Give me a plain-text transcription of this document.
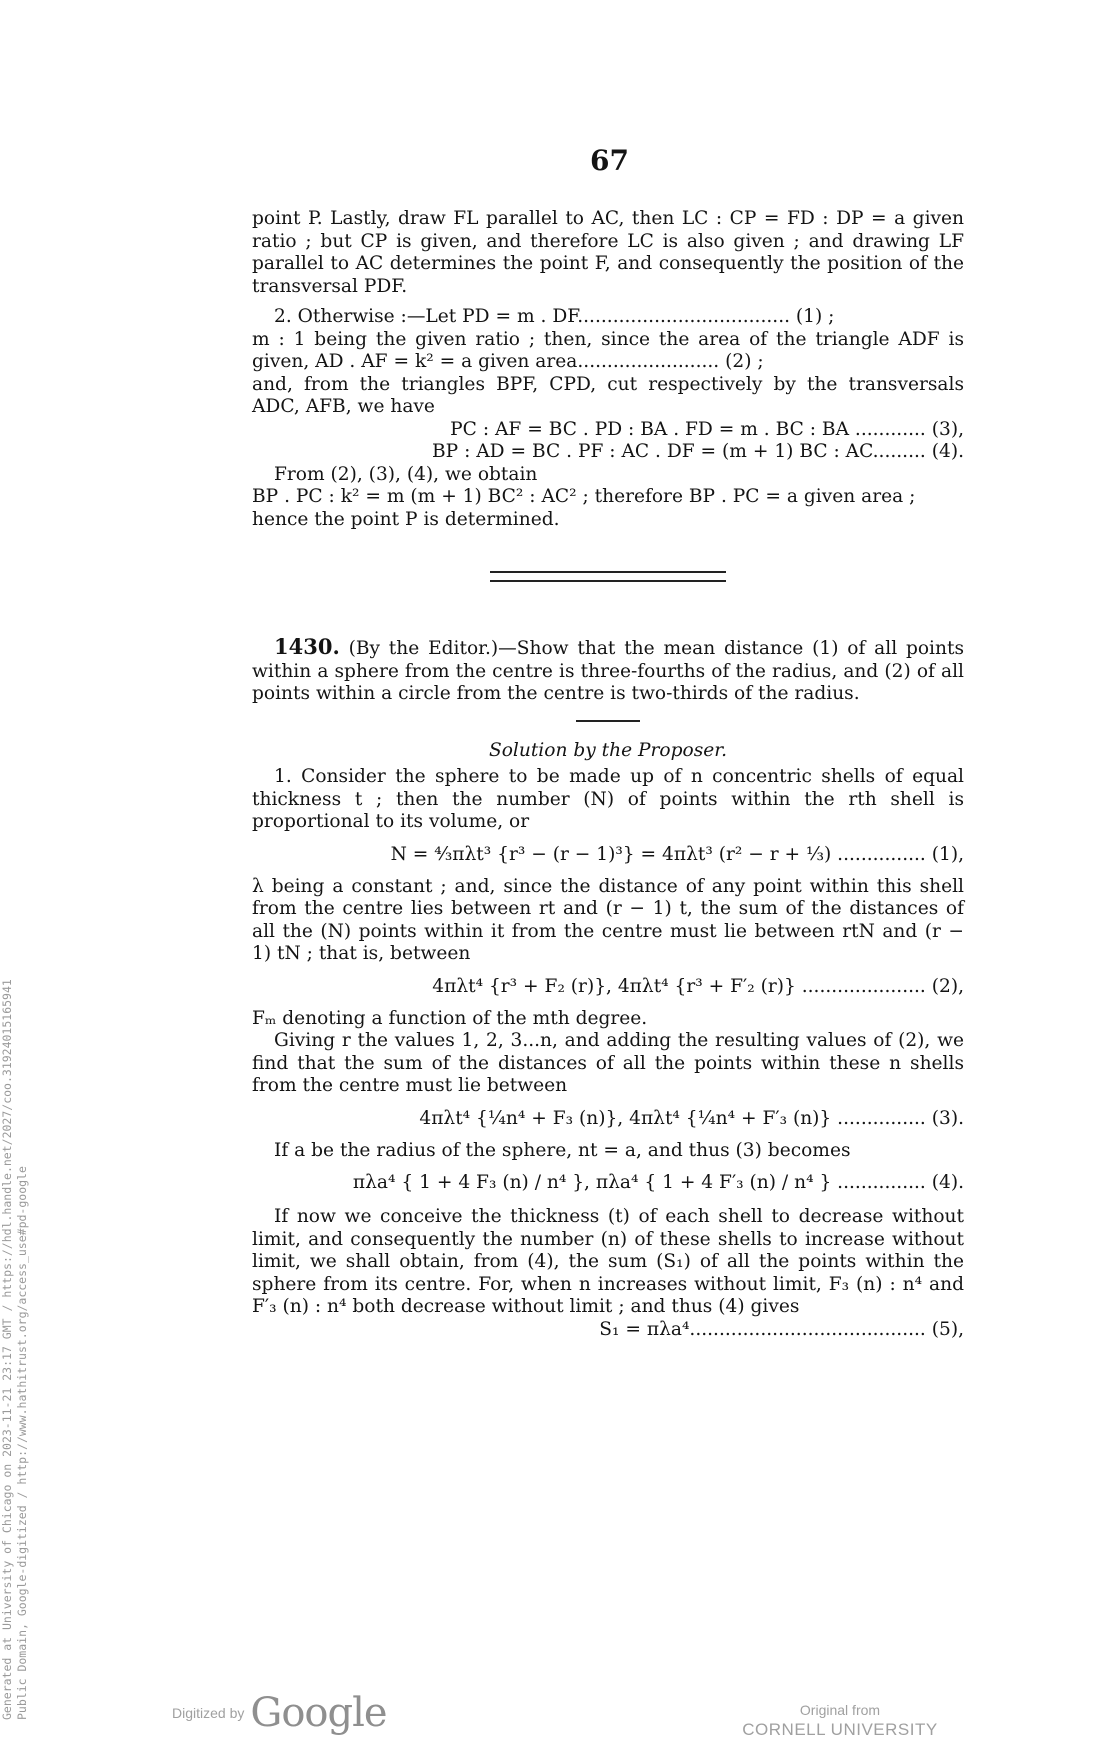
67

point P. Lastly, draw FL parallel to AC, then LC : CP = FD : DP = a given ratio ; but CP is given, and therefore LC is also given ; and drawing LF parallel to AC determines the point F, and consequently the position of the transversal PDF.

2. Otherwise :—Let PD = m . DF.................................... (1) ;

m : 1 being the given ratio ; then, since the area of the triangle ADF is given, AD . AF = k² = a given area........................ (2) ;

and, from the triangles BPF, CPD, cut respectively by the transversals ADC, AFB, we have

PC : AF = BC . PD : BA . FD = m . BC : BA ............ (3),

BP : AD = BC . PF : AC . DF = (m + 1) BC : AC......... (4).

From (2), (3), (4), we obtain

BP . PC : k² = m (m + 1) BC² : AC² ; therefore BP . PC = a given area ;

hence the point P is determined.

1430. (By the Editor.)—Show that the mean distance (1) of all points within a sphere from the centre is three-fourths of the radius, and (2) of all points within a circle from the centre is two-thirds of the radius.

Solution by the Proposer.

1. Consider the sphere to be made up of n concentric shells of equal thickness t ; then the number (N) of points within the rth shell is proportional to its volume, or

N = ⁴⁄₃πλt³ {r³ − (r − 1)³} = 4πλt³ (r² − r + ⅓) ............... (1),

λ being a constant ; and, since the distance of any point within this shell from the centre lies between rt and (r − 1) t, the sum of the distances of all the (N) points within it from the centre must lie between rtN and (r − 1) tN ; that is, between

4πλt⁴ {r³ + F₂ (r)}, 4πλt⁴ {r³ + F′₂ (r)} ..................... (2),

Fₘ denoting a function of the mth degree.

Giving r the values 1, 2, 3...n, and adding the resulting values of (2), we find that the sum of the distances of all the points within these n shells from the centre must lie between

4πλt⁴ {¼n⁴ + F₃ (n)}, 4πλt⁴ {¼n⁴ + F′₃ (n)} ............... (3).

If a be the radius of the sphere, nt = a, and thus (3) becomes

πλa⁴ { 1 + 4 F₃ (n) / n⁴ }, πλa⁴ { 1 + 4 F′₃ (n) / n⁴ } ............... (4).

If now we conceive the thickness (t) of each shell to decrease without limit, and consequently the number (n) of these shells to increase without limit, we shall obtain, from (4), the sum (S₁) of all the points within the sphere from its centre. For, when n increases without limit, F₃ (n) : n⁴ and F′₃ (n) : n⁴ both decrease without limit ; and thus (4) gives

S₁ = πλa⁴........................................ (5),

Generated at University of Chicago on 2023-11-21 23:17 GMT / https://hdl.handle.net/2027/coo.31924015165941 Public Domain, Google-digitized / http://www.hathitrust.org/access_use#pd-google	Digitized by Google	Original from
CORNELL UNIVERSITY
